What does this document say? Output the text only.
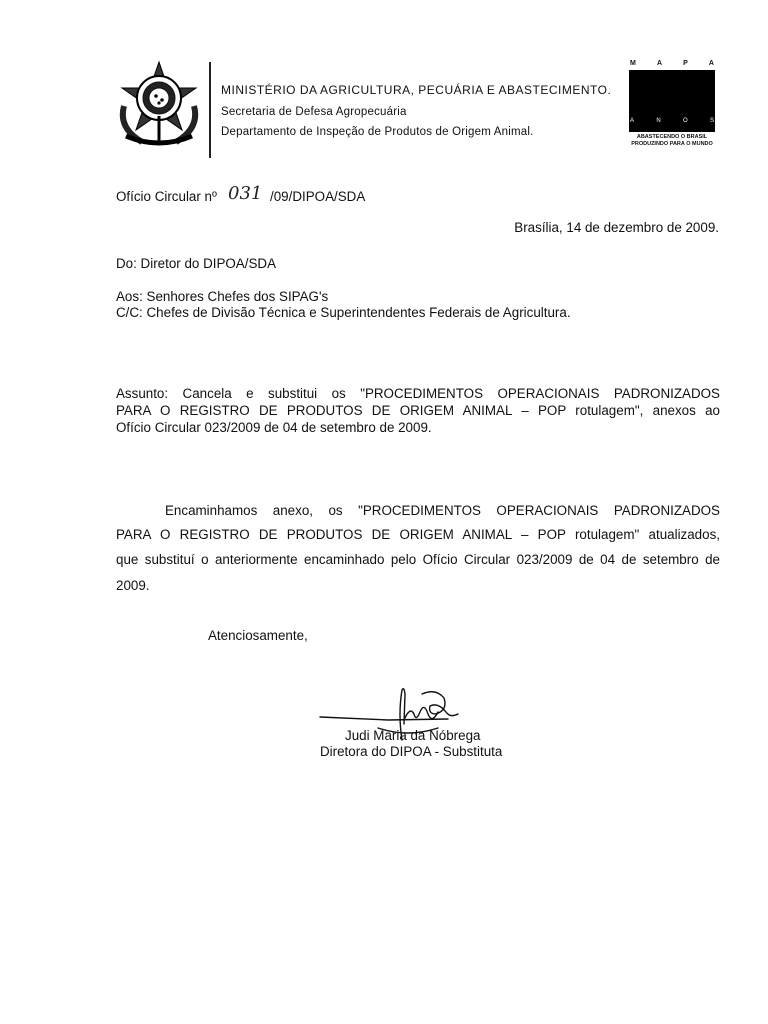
MINISTÉRIO DA AGRICULTURA, PECUÁRIA E ABASTECIMENTO.
Secretaria de Defesa Agropecuária
Departamento de Inspeção de Produtos de Origem Animal.
M	A	P	A
A	N	O	S
ABASTECENDO O BRASIL
PRODUZINDO PARA O MUNDO
Ofício Circular nº 031 /09/DIPOA/SDA
Brasília, 14 de dezembro de 2009.
Do: Diretor do DIPOA/SDA
Aos: Senhores Chefes dos SIPAG's
C/C: Chefes de Divisão Técnica e Superintendentes Federais de Agricultura.
Assunto: Cancela e substitui os "PROCEDIMENTOS OPERACIONAIS PADRONIZADOS
PARA O REGISTRO DE PRODUTOS DE ORIGEM ANIMAL – POP rotulagem", anexos ao
Ofício Circular 023/2009 de 04 de setembro de 2009.
Encaminhamos anexo, os "PROCEDIMENTOS OPERACIONAIS PADRONIZADOS
PARA O REGISTRO DE PRODUTOS DE ORIGEM ANIMAL – POP rotulagem" atualizados,
que substituí o anteriormente encaminhado pelo Ofício Circular 023/2009 de 04 de setembro de
2009.
Atenciosamente,
Judi Maria da Nóbrega
Diretora do DIPOA - Substituta
